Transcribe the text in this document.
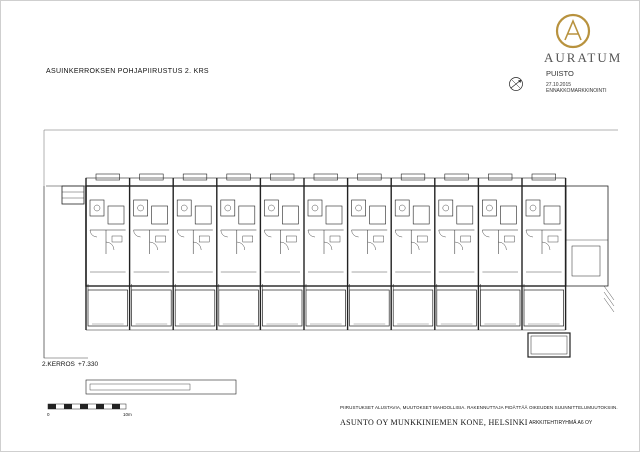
ASUINKERROKSEN POHJAPIIRUSTUS 2. KRS
AURATUM
PUISTO
27.10.2015
ENNAKKOMARKKINOINTI
0	10m
2.KERROS +7.330
PIIRUSTUKSET ALUSTAVIA, MUUTOKSET MAHDOLLISIA. RAKENNUTTAJA PIDÄTTÄÄ OIKEUDEN SUUNNITTELUMUUTOKSIIN.
ASUNTO OY MUNKKINIEMEN KONE, HELSINKI ARKKITEHTIRYHMÄ A6 OY
